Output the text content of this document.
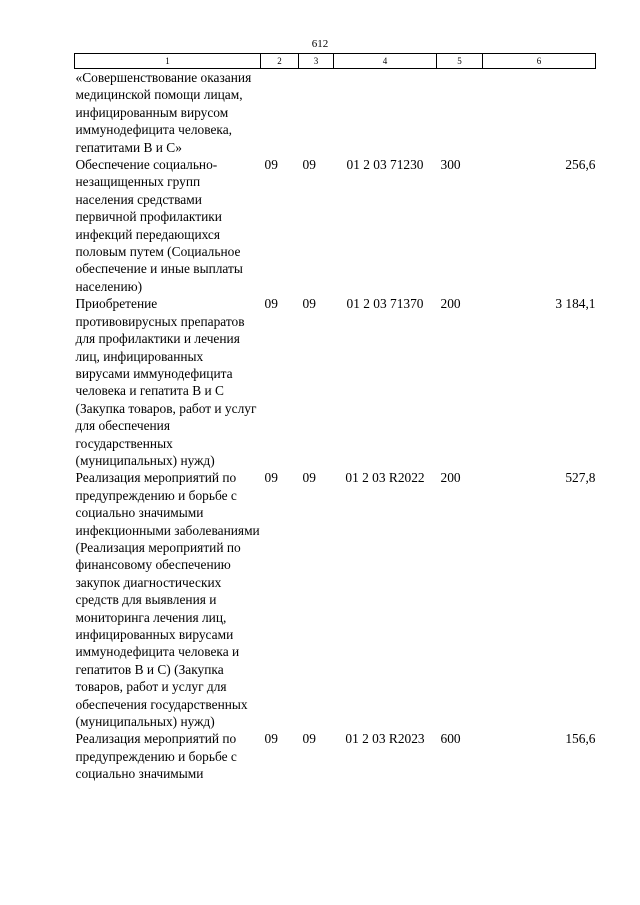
612
1	2	3	4	5	6
«Совершенствование оказания медицинской помощи лицам, инфицированным вирусом иммунодефицита человека, гепатитами В и С»					
Обеспечение социально-незащищенных групп населения средствами первичной профилактики инфекций передающихся половым путем (Социальное обеспечение и иные выплаты населению)	09	09	01 2 03 71230	300	256,6
Приобретение противовирусных препаратов для профилактики и лечения лиц, инфицированных вирусами иммунодефицита человека и гепатита В и С (Закупка товаров, работ и услуг для обеспечения государственных (муниципальных) нужд)	09	09	01 2 03 71370	200	3 184,1
Реализация мероприятий по предупреждению и борьбе с социально значимыми инфекционными заболеваниями (Реализация мероприятий по финансовому обеспечению закупок диагностических средств для выявления и мониторинга лечения лиц, инфицированных вирусами иммунодефицита человека и гепатитов В и С) (Закупка товаров, работ и услуг для обеспечения государственных (муниципальных) нужд)	09	09	01 2 03 R2022	200	527,8
Реализация мероприятий по предупреждению и борьбе с социально значимыми	09	09	01 2 03 R2023	600	156,6
